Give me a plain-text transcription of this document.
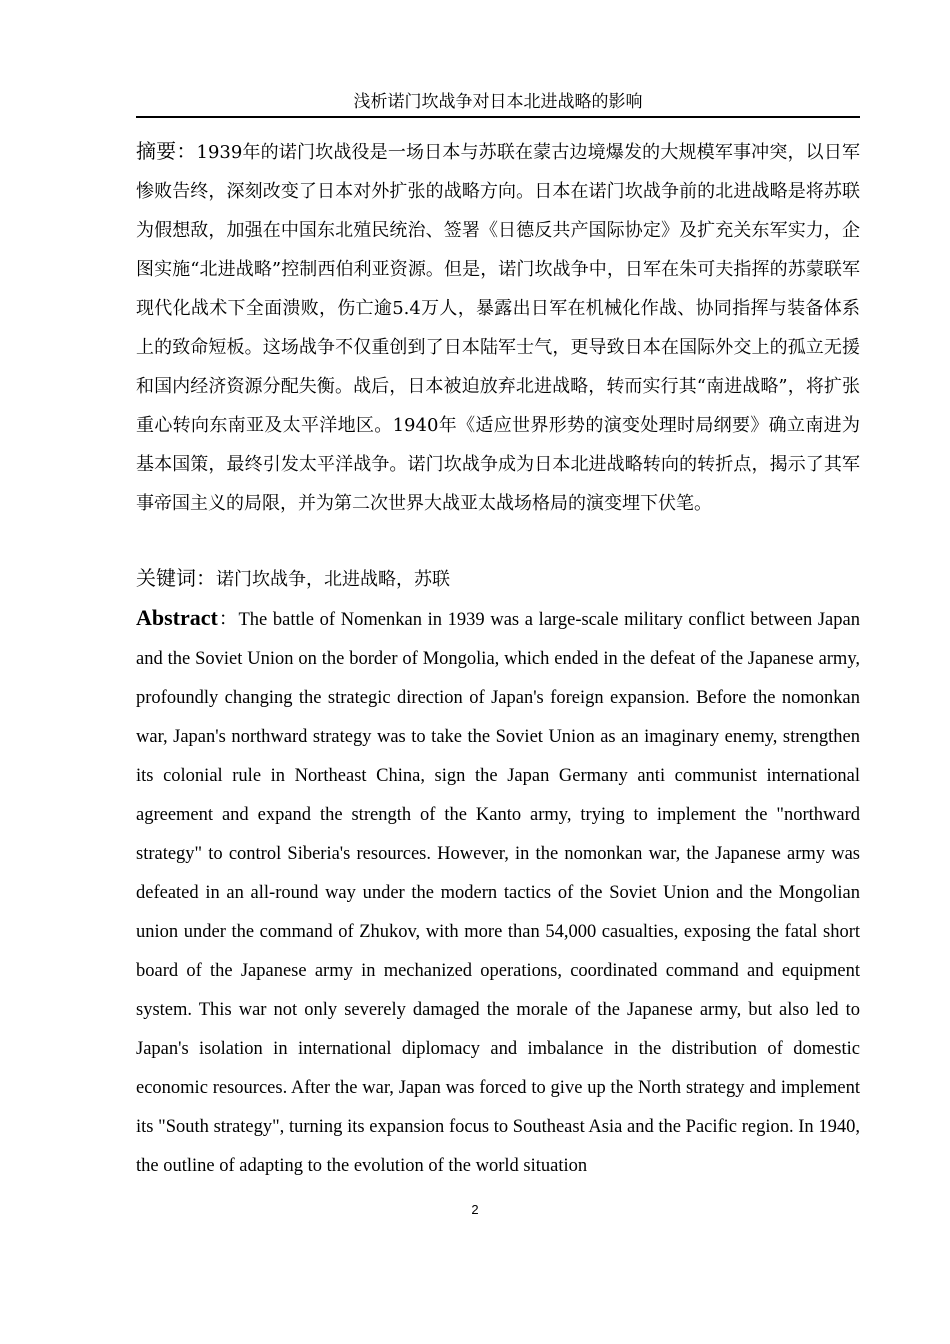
浅析诺门坎战争对日本北进战略的影响
摘要：1939年的诺门坎战役是一场日本与苏联在蒙古边境爆发的大规模军事冲突，以日军惨败告终，深刻改变了日本对外扩张的战略方向。日本在诺门坎战争前的北进战略是将苏联为假想敌，加强在中国东北殖民统治、签署《日德反共产国际协定》及扩充关东军实力，企图实施“北进战略”控制西伯利亚资源。但是，诺门坎战争中，日军在朱可夫指挥的苏蒙联军现代化战术下全面溃败，伤亡逾5.4万人，暴露出日军在机械化作战、协同指挥与装备体系上的致命短板。这场战争不仅重创到了日本陆军士气，更导致日本在国际外交上的孤立无援和国内经济资源分配失衡。战后，日本被迫放弃北进战略，转而实行其“南进战略”，将扩张重心转向东南亚及太平洋地区。1940年《适应世界形势的演变处理时局纲要》确立南进为基本国策，最终引发太平洋战争。诺门坎战争成为日本北进战略转向的转折点，揭示了其军事帝国主义的局限，并为第二次世界大战亚太战场格局的演变埋下伏笔。
关键词：诺门坎战争，北进战略，苏联
Abstract：The battle of Nomenkan in 1939 was a large-scale military conflict between Japan and the Soviet Union on the border of Mongolia, which ended in the defeat of the Japanese army, profoundly changing the strategic direction of Japan's foreign expansion. Before the nomonkan war, Japan's northward strategy was to take the Soviet Union as an imaginary enemy, strengthen its colonial rule in Northeast China, sign the Japan Germany anti communist international agreement and expand the strength of the Kanto army, trying to implement the "northward strategy" to control Siberia's resources. However, in the nomonkan war, the Japanese army was defeated in an all-round way under the modern tactics of the Soviet Union and the Mongolian union under the command of Zhukov, with more than 54,000 casualties, exposing the fatal short board of the Japanese army in mechanized operations, coordinated command and equipment system. This war not only severely damaged the morale of the Japanese army, but also led to Japan's isolation in international diplomacy and imbalance in the distribution of domestic economic resources. After the war, Japan was forced to give up the North strategy and implement its "South strategy", turning its expansion focus to Southeast Asia and the Pacific region. In 1940, the outline of adapting to the evolution of the world situation
2
